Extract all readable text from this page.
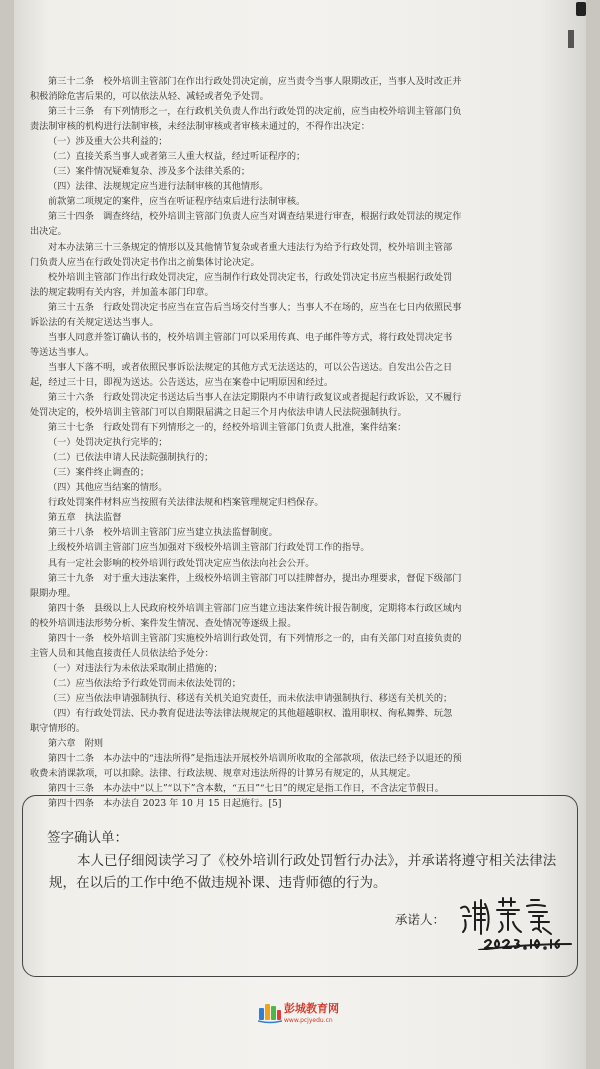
第三十二条　校外培训主管部门在作出行政处罚决定前，应当责令当事人限期改正，当事人及时改正并

积极消除危害后果的，可以依法从轻、减轻或者免予处罚。

第三十三条　有下列情形之一，在行政机关负责人作出行政处罚的决定前，应当由校外培训主管部门负

责法制审核的机构进行法制审核，未经法制审核或者审核未通过的，不得作出决定：

（一）涉及重大公共利益的；

（二）直接关系当事人或者第三人重大权益，经过听证程序的；

（三）案件情况疑难复杂、涉及多个法律关系的；

（四）法律、法规规定应当进行法制审核的其他情形。

前款第二项规定的案件，应当在听证程序结束后进行法制审核。

第三十四条　调查终结，校外培训主管部门负责人应当对调查结果进行审查，根据行政处罚法的规定作

出决定。

对本办法第三十三条规定的情形以及其他情节复杂或者重大违法行为给予行政处罚，校外培训主管部

门负责人应当在行政处罚决定书作出之前集体讨论决定。

校外培训主管部门作出行政处罚决定，应当制作行政处罚决定书，行政处罚决定书应当根据行政处罚

法的规定载明有关内容，并加盖本部门印章。

第三十五条　行政处罚决定书应当在宣告后当场交付当事人；当事人不在场的，应当在七日内依照民事

诉讼法的有关规定送达当事人。

当事人同意并签订确认书的，校外培训主管部门可以采用传真、电子邮件等方式，将行政处罚决定书

等送达当事人。

当事人下落不明，或者依照民事诉讼法规定的其他方式无法送达的，可以公告送达。自发出公告之日

起，经过三十日，即视为送达。公告送达，应当在案卷中记明原因和经过。

第三十六条　行政处罚决定书送达后当事人在法定期限内不申请行政复议或者提起行政诉讼，又不履行

处罚决定的，校外培训主管部门可以自期限届满之日起三个月内依法申请人民法院强制执行。

第三十七条　行政处罚有下列情形之一的，经校外培训主管部门负责人批准，案件结案：

（一）处罚决定执行完毕的；

（二）已依法申请人民法院强制执行的；

（三）案件终止调查的；

（四）其他应当结案的情形。

行政处罚案件材料应当按照有关法律法规和档案管理规定归档保存。

第五章　执法监督

第三十八条　校外培训主管部门应当建立执法监督制度。

上级校外培训主管部门应当加强对下级校外培训主管部门行政处罚工作的指导。

具有一定社会影响的校外培训行政处罚决定应当依法向社会公开。

第三十九条　对于重大违法案件，上级校外培训主管部门可以挂牌督办，提出办理要求，督促下级部门

限期办理。

第四十条　县级以上人民政府校外培训主管部门应当建立违法案件统计报告制度，定期将本行政区域内

的校外培训违法形势分析、案件发生情况、查处情况等逐级上报。

第四十一条　校外培训主管部门实施校外培训行政处罚，有下列情形之一的，由有关部门对直接负责的

主管人员和其他直接责任人员依法给予处分：

（一）对违法行为未依法采取制止措施的；

（二）应当依法给予行政处罚而未依法处罚的；

（三）应当依法申请强制执行、移送有关机关追究责任，而未依法申请强制执行、移送有关机关的；

（四）有行政处罚法、民办教育促进法等法律法规规定的其他超越职权、滥用职权、徇私舞弊、玩忽

职守情形的。

第六章　附则

第四十二条　本办法中的“违法所得”是指违法开展校外培训所收取的全部款项，依法已经予以退还的预

收费未消课款项，可以扣除。法律、行政法规、规章对违法所得的计算另有规定的，从其规定。

第四十三条　本办法中“以上”“以下”含本数，“五日”“七日”的规定是指工作日，不含法定节假日。

第四十四条　本办法自 2023 年 10 月 15 日起施行。[5]

签字确认单：
本人已仔细阅读学习了《校外培训行政处罚暂行办法》，并承诺将遵守相关法律法规，在以后的工作中绝不做违规补课、违背师德的行为。
承诺人：
彭城教育网
www.pcjyedu.cn
